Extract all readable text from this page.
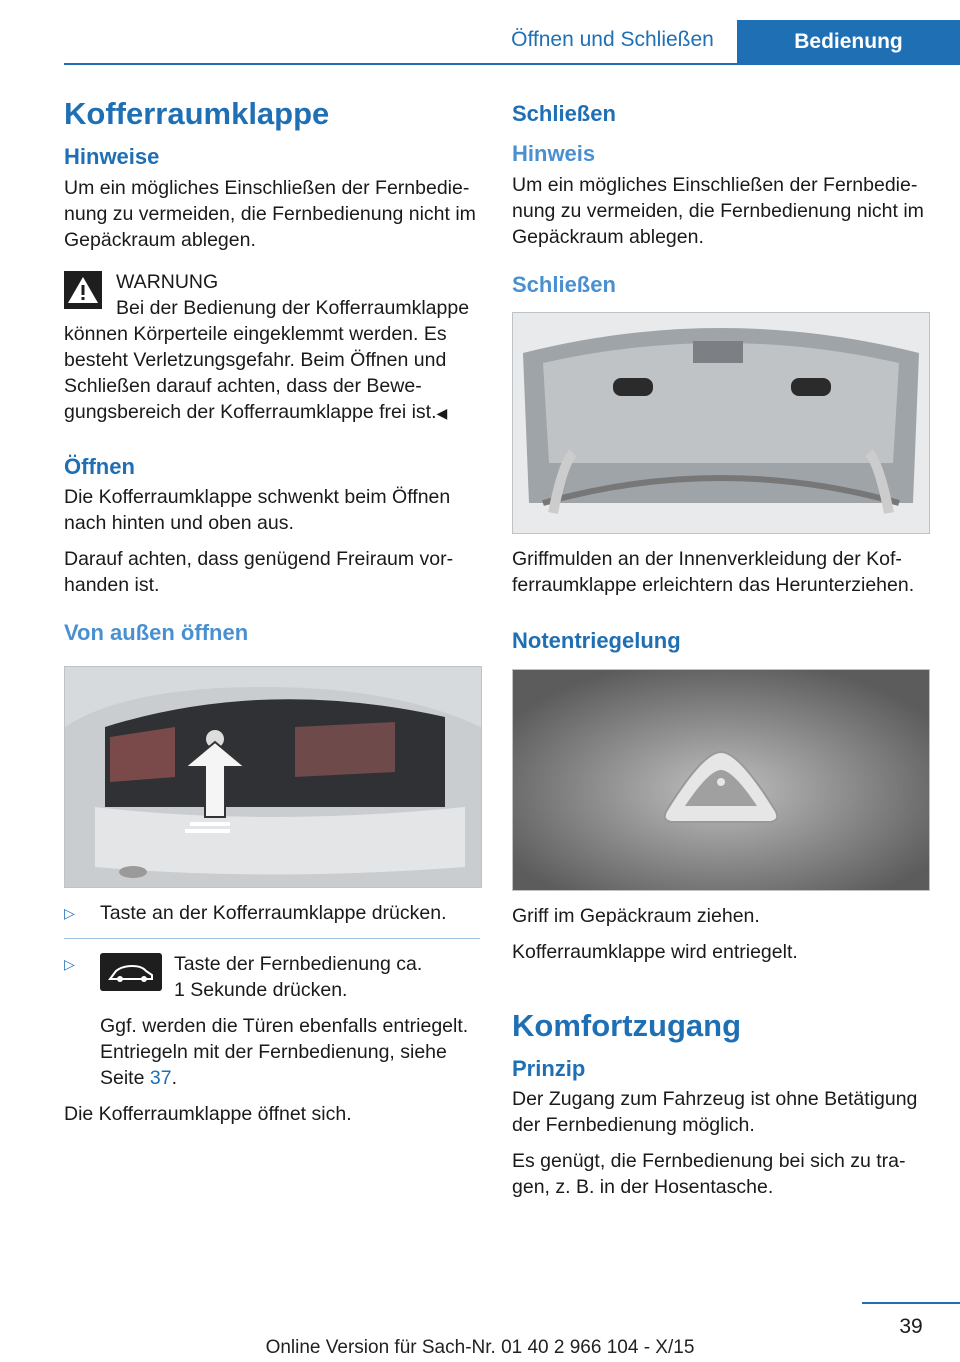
Öffnen und Schließen	Bedienung
Kofferraumklappe
Hinweise

Um ein mögliches Einschließen der Fernbedie‐nung zu vermeiden, die Fernbedienung nicht im Gepäckraum ablegen.

WARNUNG

Bei der Bedienung der Kofferraumklappe

können Körperteile eingeklemmt werden. Es besteht Verletzungsgefahr. Beim Öffnen und Schließen darauf achten, dass der Bewe‐gungsbereich der Kofferraumklappe frei ist.◀

Öffnen

Die Kofferraumklappe schwenkt beim Öffnen nach hinten und oben aus.

Darauf achten, dass genügend Freiraum vor‐handen ist.

Von außen öffnen
▷ Taste an der Kofferraumklappe drücken.
▷	Taste der Fernbedienung ca.
1 Sekunde drücken.
Ggf. werden die Türen ebenfalls entriegelt. Entriegeln mit der Fernbedienung, siehe Seite 37.

Die Kofferraumklappe öffnet sich.

Schließen
Hinweis

Um ein mögliches Einschließen der Fernbedie‐nung zu vermeiden, die Fernbedienung nicht im Gepäckraum ablegen.

Schließen

Griffmulden an der Innenverkleidung der Kof‐ferraumklappe erleichtern das Herunterziehen.

Notentriegelung

Griff im Gepäckraum ziehen.

Kofferraumklappe wird entriegelt.

Komfortzugang
Prinzip

Der Zugang zum Fahrzeug ist ohne Betätigung der Fernbedienung möglich.

Es genügt, die Fernbedienung bei sich zu tra‐gen, z. B. in der Hosentasche.

39
Online Version für Sach-Nr. 01 40 2 966 104 - X/15
